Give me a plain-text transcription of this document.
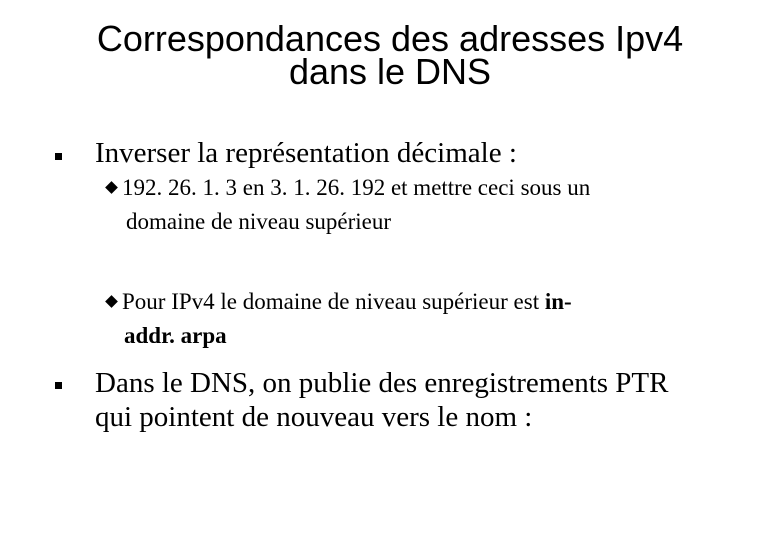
Correspondances des adresses Ipv4
dans le DNS
Inverser la représentation décimale :
192. 26. 1. 3 en 3. 1. 26. 192 et mettre ceci sous un
domaine de niveau supérieur
Pour IPv4 le domaine de niveau supérieur est in-
addr. arpa
Dans le DNS, on publie des enregistrements PTR
qui pointent de nouveau vers le nom :
